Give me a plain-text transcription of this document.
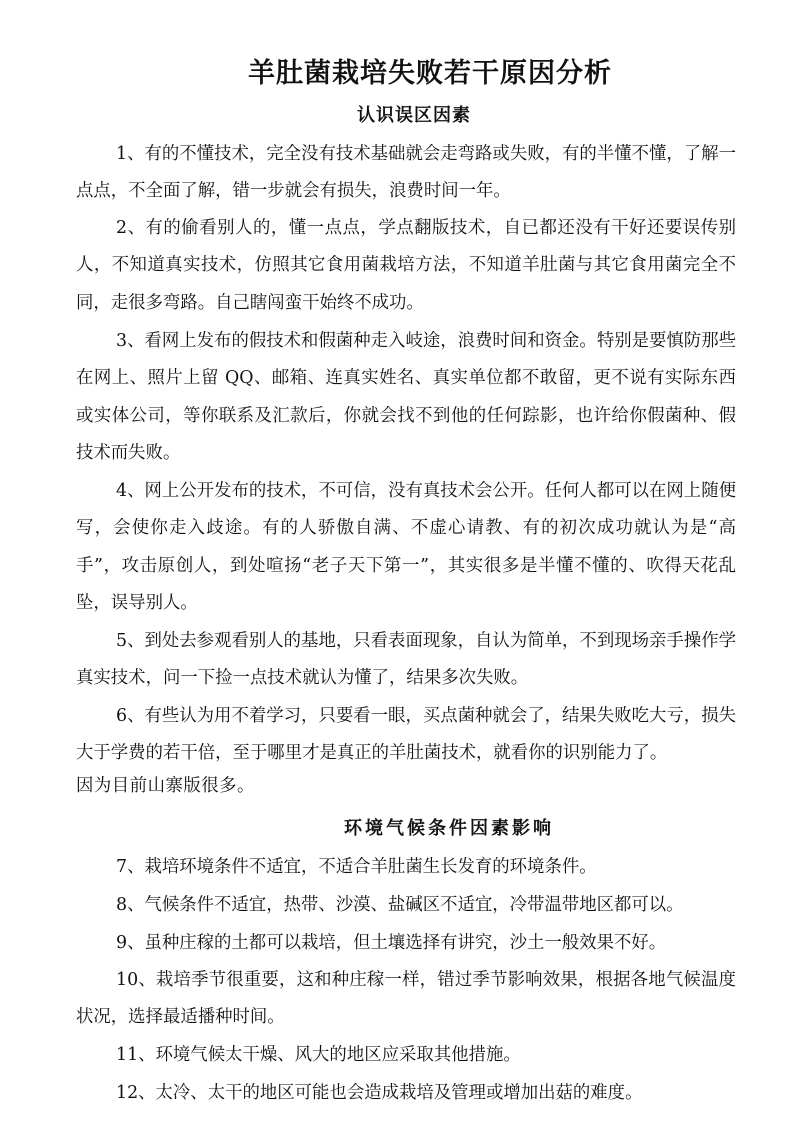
羊肚菌栽培失败若干原因分析
认识误区因素
1、有的不懂技术，完全没有技术基础就会走弯路或失败，有的半懂不懂，了解一点点，不全面了解，错一步就会有损失，浪费时间一年。
2、有的偷看别人的，懂一点点，学点翻版技术，自已都还没有干好还要误传别人，不知道真实技术，仿照其它食用菌栽培方法，不知道羊肚菌与其它食用菌完全不同，走很多弯路。自己瞎闯蛮干始终不成功。
3、看网上发布的假技术和假菌种走入岐途，浪费时间和资金。特别是要慎防那些在网上、照片上留 QQ、邮箱、连真实姓名、真实单位都不敢留，更不说有实际东西或实体公司，等你联系及汇款后，你就会找不到他的任何踪影，也许给你假菌种、假技术而失败。
4、网上公开发布的技术，不可信，没有真技术会公开。任何人都可以在网上随便写，会使你走入歧途。有的人骄傲自满、不虚心请教、有的初次成功就认为是“高手”，攻击原创人，到处喧扬“老子天下第一”，其实很多是半懂不懂的、吹得天花乱坠，误导别人。
5、到处去参观看别人的基地，只看表面现象，自认为简单，不到现场亲手操作学真实技术，问一下捡一点技术就认为懂了，结果多次失败。
6、有些认为用不着学习，只要看一眼，买点菌种就会了，结果失败吃大亏，损失大于学费的若干倍，至于哪里才是真正的羊肚菌技术，就看你的识别能力了。
因为目前山寨版很多。
环境气候条件因素影响
7、栽培环境条件不适宜，不适合羊肚菌生长发育的环境条件。
8、气候条件不适宜，热带、沙漠、盐碱区不适宜，冷带温带地区都可以。
9、虽种庄稼的土都可以栽培，但土壤选择有讲究，沙土一般效果不好。
10、栽培季节很重要，这和种庄稼一样，错过季节影响效果，根据各地气候温度状况，选择最适播种时间。
11、环境气候太干燥、风大的地区应采取其他措施。
12、太冷、太干的地区可能也会造成栽培及管理或增加出菇的难度。
